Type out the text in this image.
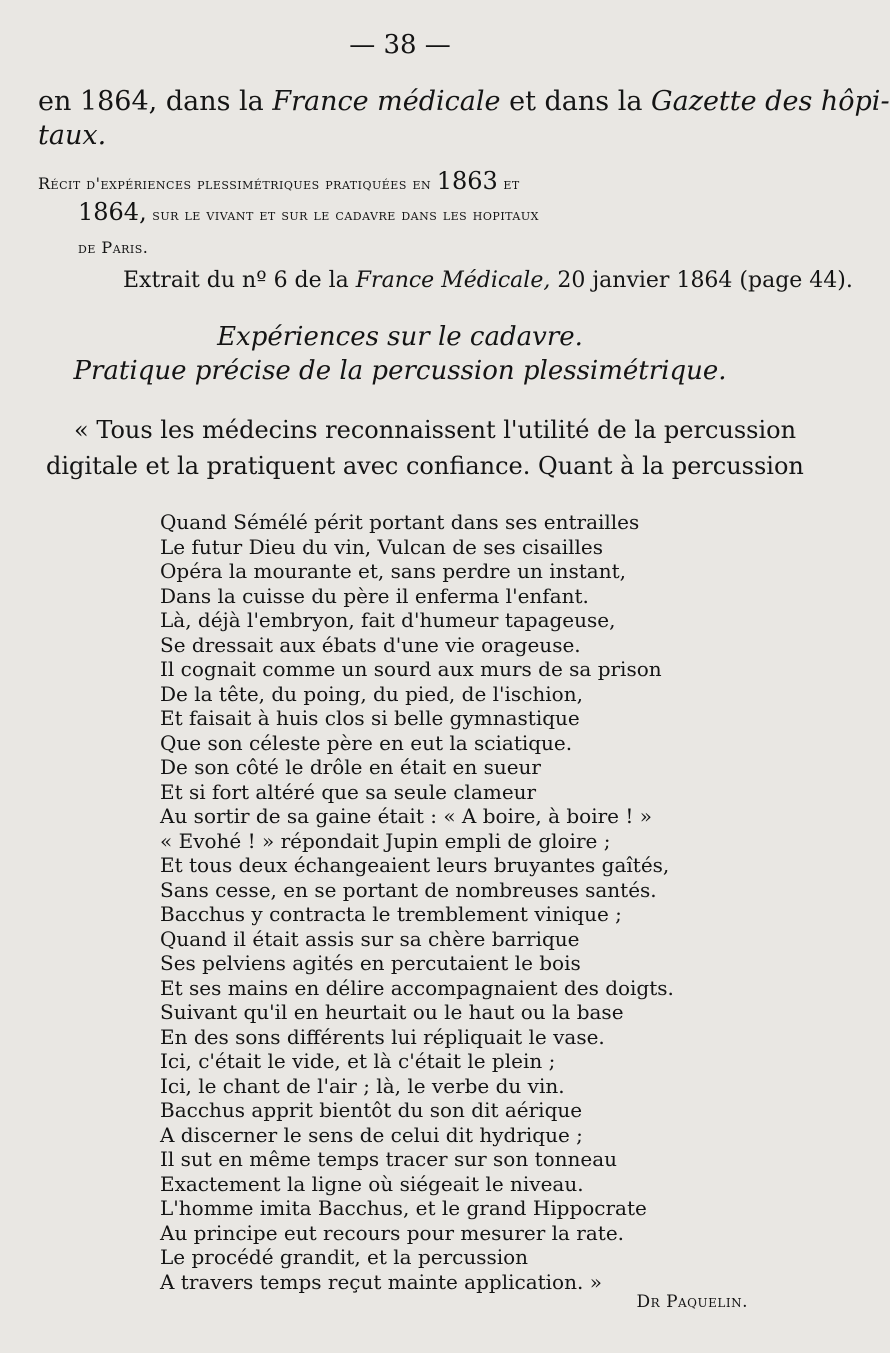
— 38 —
en 1864, dans la France médicale et dans la Gazette des hôpi-
taux.
Récit d'expériences plessimétriques pratiquées en 1863 et
1864, sur le vivant et sur le cadavre dans les hopitaux
de Paris.
Extrait du nº 6 de la France Médicale, 20 janvier 1864 (page 44).
Expériences sur le cadavre.
Pratique précise de la percussion plessimétrique.
« Tous les médecins reconnaissent l'utilité de la percussion
digitale et la pratiquent avec confiance. Quant à la percussion
Quand Sémélé périt portant dans ses entrailles
Le futur Dieu du vin, Vulcan de ses cisailles
Opéra la mourante et, sans perdre un instant,
Dans la cuisse du père il enferma l'enfant.
Là, déjà l'embryon, fait d'humeur tapageuse,
Se dressait aux ébats d'une vie orageuse.
Il cognait comme un sourd aux murs de sa prison
De la tête, du poing, du pied, de l'ischion,
Et faisait à huis clos si belle gymnastique
Que son céleste père en eut la sciatique.
De son côté le drôle en était en sueur
Et si fort altéré que sa seule clameur
Au sortir de sa gaine était : « A boire, à boire ! »
« Evohé ! » répondait Jupin empli de gloire ;
Et tous deux échangeaient leurs bruyantes gaîtés,
Sans cesse, en se portant de nombreuses santés.
Bacchus y contracta le tremblement vinique ;
Quand il était assis sur sa chère barrique
Ses pelviens agités en percutaient le bois
Et ses mains en délire accompagnaient des doigts.
Suivant qu'il en heurtait ou le haut ou la base
En des sons différents lui répliquait le vase.
Ici, c'était le vide, et là c'était le plein ;
Ici, le chant de l'air ; là, le verbe du vin.
Bacchus apprit bientôt du son dit aérique
A discerner le sens de celui dit hydrique ;
Il sut en même temps tracer sur son tonneau
Exactement la ligne où siégeait le niveau.
L'homme imita Bacchus, et le grand Hippocrate
Au principe eut recours pour mesurer la rate.
Le procédé grandit, et la percussion
A travers temps reçut mainte application. »
Dr Paquelin.
